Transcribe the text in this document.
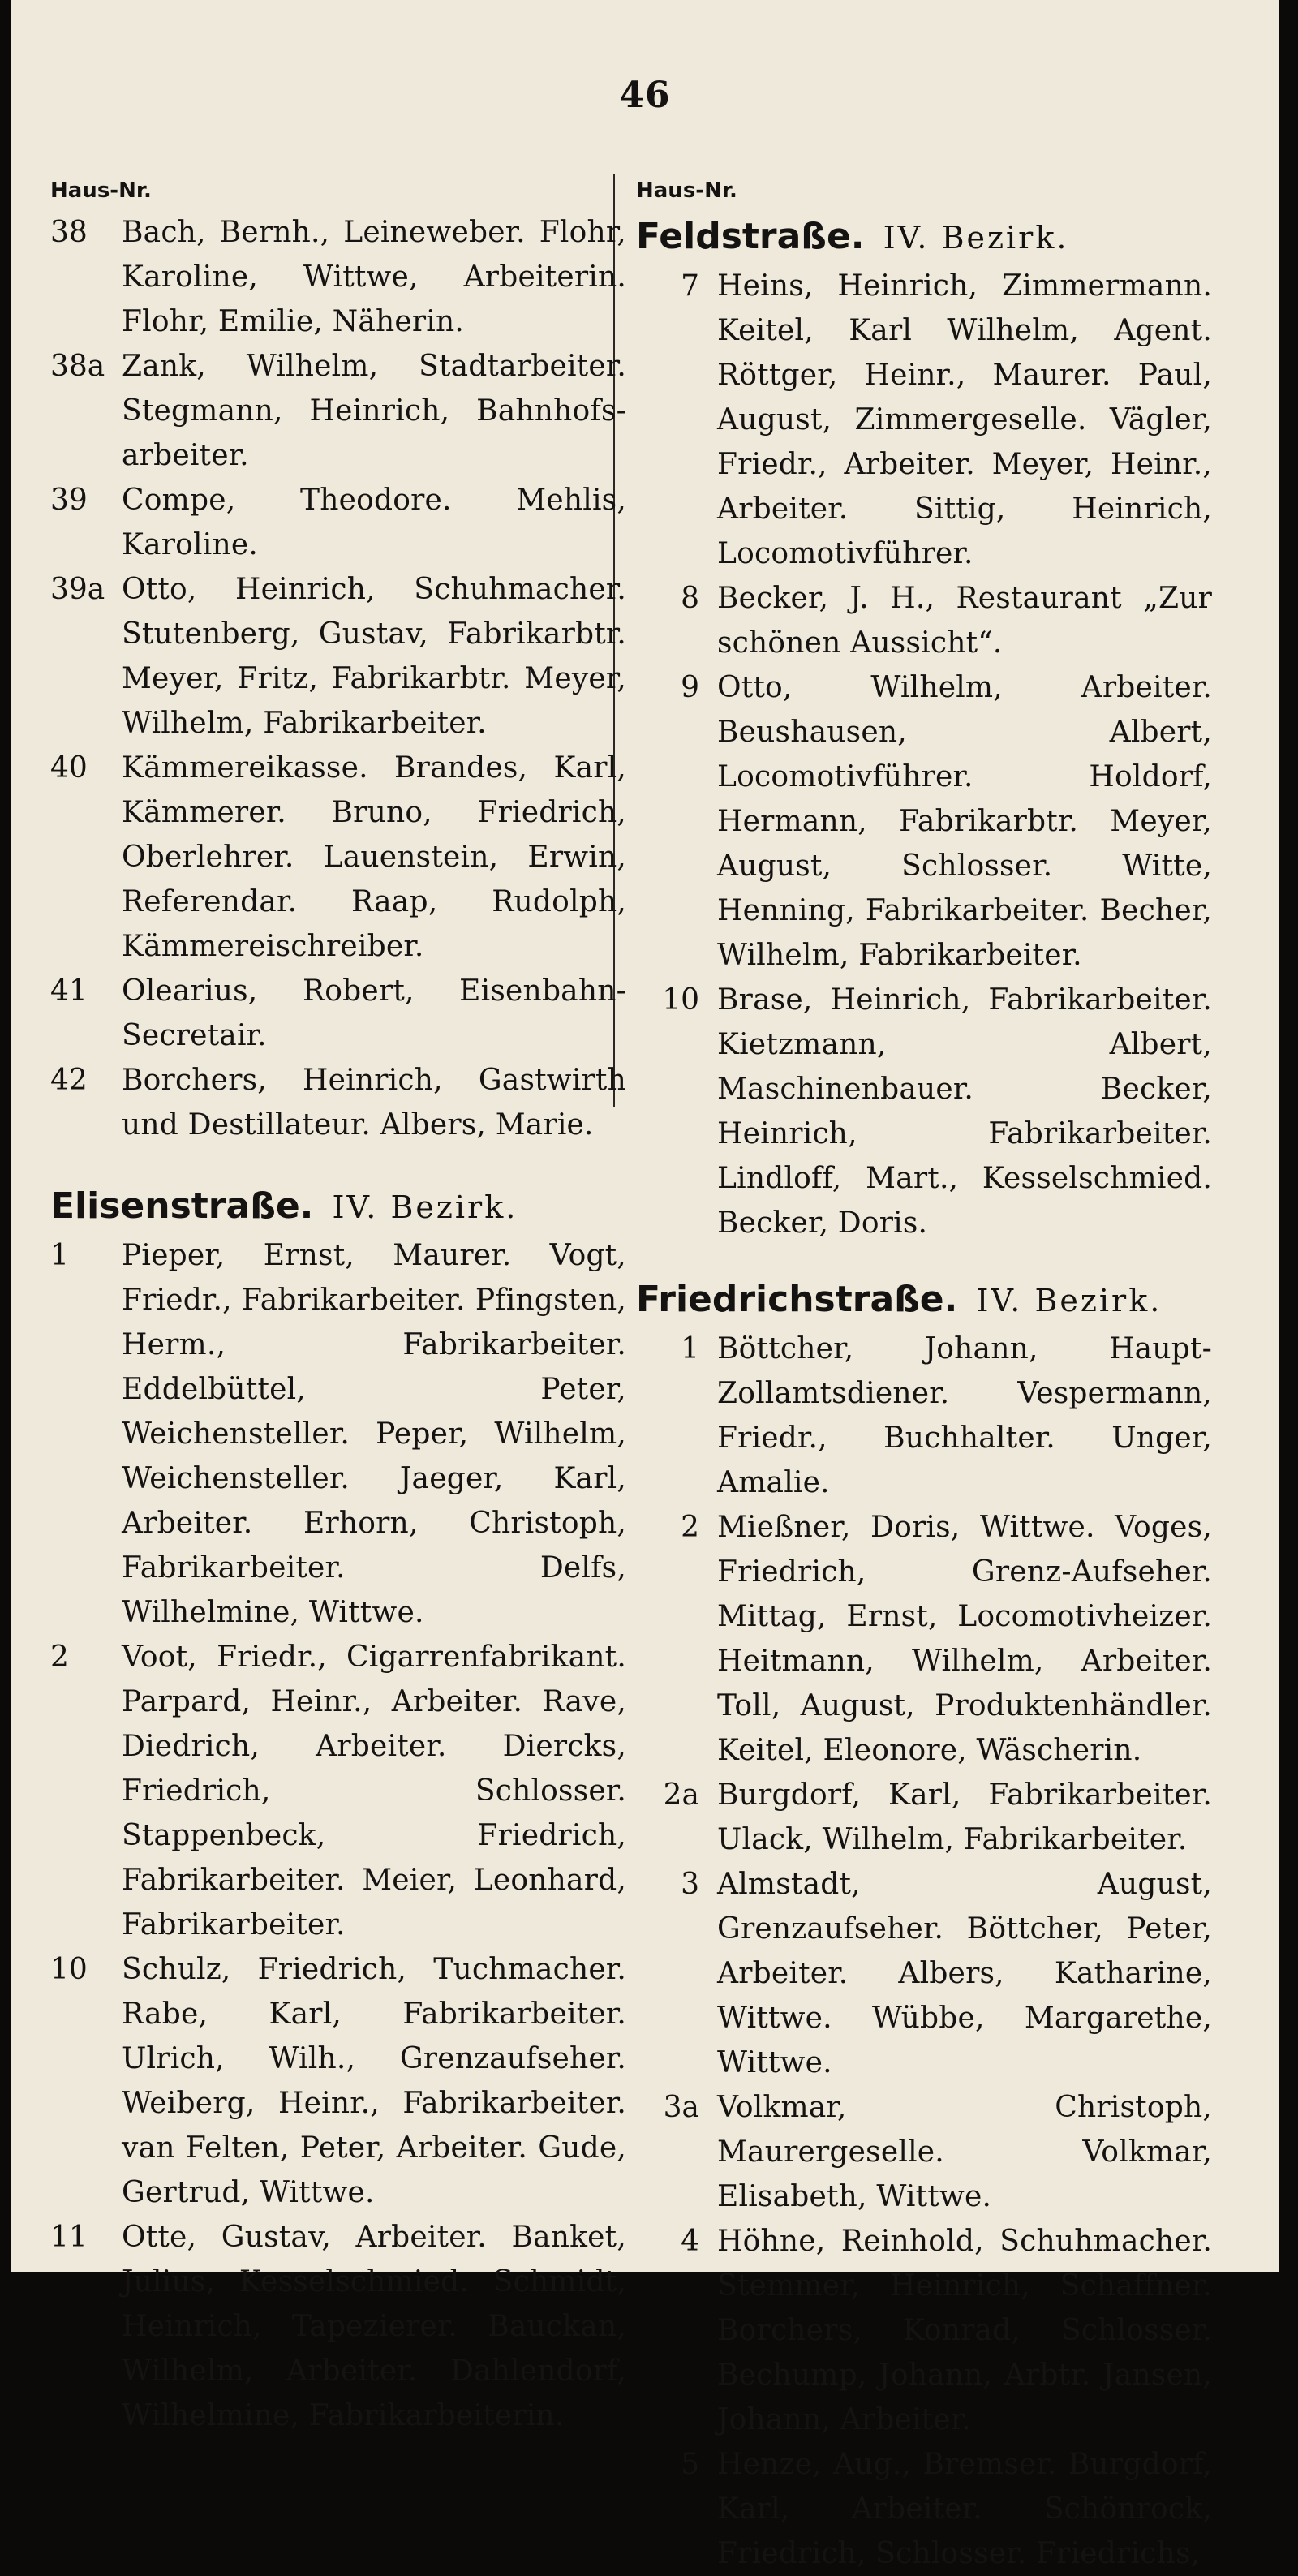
46
Haus-Nr.
38	Bach, Bernh., Leineweber. Flohr, Karoline, Wittwe, Arbeiterin. Flohr, Emilie, Näherin.
38a Zank, Wilhelm, Stadtarbeiter. Stegmann, Heinrich, Bahnhofs-arbeiter.
39	Compe, Theodore. Mehlis, Karoline.
39a Otto, Heinrich, Schuhmacher. Stutenberg, Gustav, Fabrikarbtr. Meyer, Fritz, Fabrikarbtr. Meyer, Wilhelm, Fabrikarbeiter.
40	Kämmereikasse. Brandes, Karl, Kämmerer. Bruno, Friedrich, Oberlehrer. Lauenstein, Erwin, Referendar. Raap, Rudolph, Kämmereischreiber.
41	Olearius, Robert, Eisenbahn-Secretair.
42	Borchers, Heinrich, Gastwirth und Destillateur. Albers, Marie.
Elisenstraße. IV. Bezirk.
1	Pieper, Ernst, Maurer. Vogt, Friedr., Fabrikarbeiter. Pfingsten, Herm., Fabrikarbeiter. Eddelbüttel, Peter, Weichensteller. Peper, Wilhelm, Weichensteller. Jaeger, Karl, Arbeiter. Erhorn, Christoph, Fabrikarbeiter. Delfs, Wilhelmine, Wittwe.
2	Voot, Friedr., Cigarrenfabrikant. Parpard, Heinr., Arbeiter. Rave, Diedrich, Arbeiter. Diercks, Friedrich, Schlosser. Stappenbeck, Friedrich, Fabrikarbeiter. Meier, Leonhard, Fabrikarbeiter.
10	Schulz, Friedrich, Tuchmacher. Rabe, Karl, Fabrikarbeiter. Ulrich, Wilh., Grenzaufseher. Weiberg, Heinr., Fabrikarbeiter. van Felten, Peter, Arbeiter. Gude, Gertrud, Wittwe.
11	Otte, Gustav, Arbeiter. Banket, Julius, Kesselschmied. Schmidt, Heinrich, Tapezierer. Bauckan, Wilhelm, Arbeiter. Dahlendorf, Wilhelmine, Fabrikarbeiterin.
Haus-Nr.
Feldstraße. IV. Bezirk.
7 Heins, Heinrich, Zimmermann. Keitel, Karl Wilhelm, Agent. Röttger, Heinr., Maurer. Paul, August, Zimmergeselle. Vägler, Friedr., Arbeiter. Meyer, Heinr., Arbeiter. Sittig, Heinrich, Locomotivführer.
8 Becker, J. H., Restaurant „Zur schönen Aussicht“.
9 Otto, Wilhelm, Arbeiter. Beushausen, Albert, Locomotivführer. Holdorf, Hermann, Fabrikarbtr. Meyer, August, Schlosser. Witte, Henning, Fabrikarbeiter. Becher, Wilhelm, Fabrikarbeiter.
10 Brase, Heinrich, Fabrikarbeiter. Kietzmann, Albert, Maschinenbauer. Becker, Heinrich, Fabrikarbeiter. Lindloff, Mart., Kesselschmied. Becker, Doris.
Friedrichstraße. IV. Bezirk.
1 Böttcher, Johann, Haupt-Zollamtsdiener. Vespermann, Friedr., Buchhalter. Unger, Amalie.
2 Mießner, Doris, Wittwe. Voges, Friedrich, Grenz-Aufseher. Mittag, Ernst, Locomotivheizer. Heitmann, Wilhelm, Arbeiter. Toll, August, Produktenhändler. Keitel, Eleonore, Wäscherin.
2a Burgdorf, Karl, Fabrikarbeiter. Ulack, Wilhelm, Fabrikarbeiter.
3 Almstadt, August, Grenzaufseher. Böttcher, Peter, Arbeiter. Albers, Katharine, Wittwe. Wübbe, Margarethe, Wittwe.
3a Volkmar, Christoph, Maurergeselle. Volkmar, Elisabeth, Wittwe.
4 Höhne, Reinhold, Schuhmacher. Stemmer, Heinrich, Schaffner. Borchers, Konrad, Schlosser. Bechump, Johann, Arbtr. Jansen, Johann, Arbeiter.
5 Henze, Aug., Bremser. Burgdorf, Karl, Arbeiter. Schönrock, Friedrich, Schlosser. Friedrichs,
